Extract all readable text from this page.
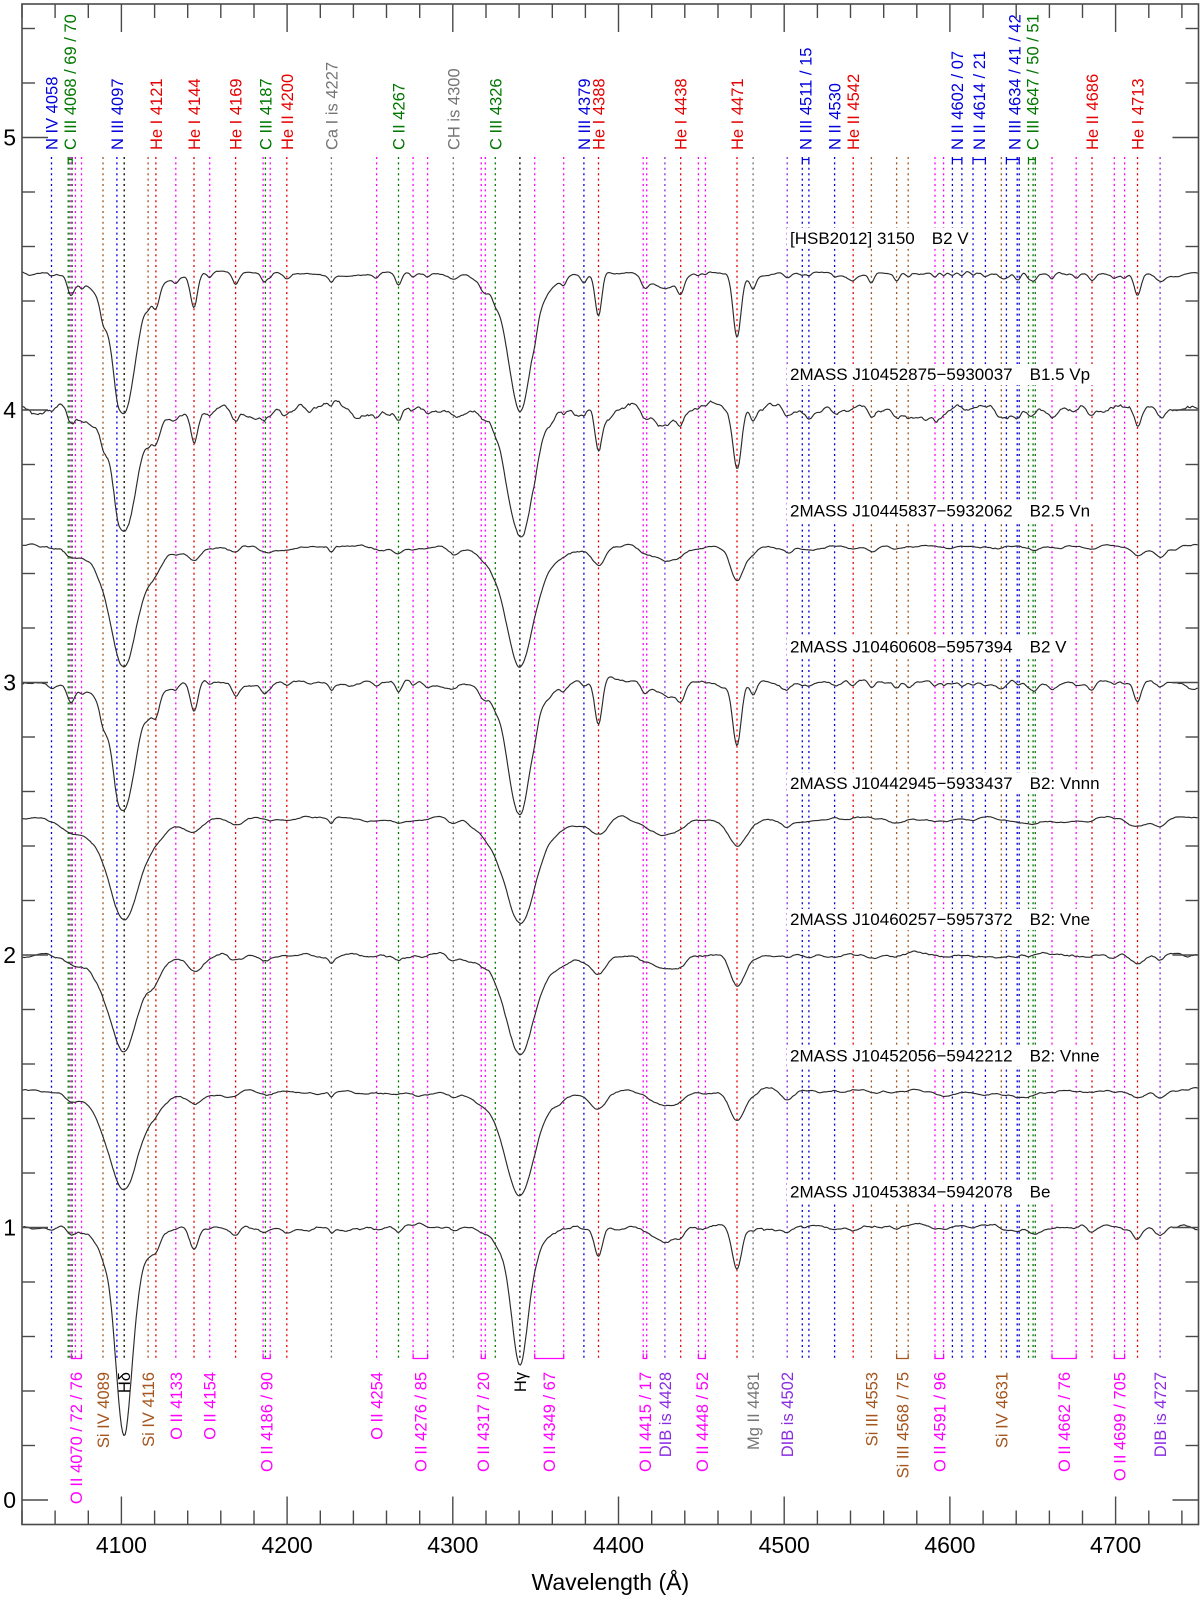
[HSB2012] 3150  B2 V
2MASS J10452875−5930037  B1.5 Vp
2MASS J10445837−5932062  B2.5 Vn
2MASS J10460608−5957394  B2 V
2MASS J10442945−5933437  B2: Vnnn
2MASS J10460257−5957372  B2: Vne
2MASS J10452056−5942212  B2: Vnne
2MASS J10453834−5942078  Be
N IV 4058 C III 4068 / 69 / 70 N III 4097 He I 4121 He I 4144 He I 4169 C III 4187 He II 4200 Ca I is 4227	C II 4267 CH is 4300 C III 4326	N III 4379
He I 4388	He I 4438 He I 4471	N III 4511 / 15 N II 4530 He II 4542	N II 4602 / 07 N II 4614 / 21 N III 4634 / 41 / 42 C III 4647 / 50 / 51	He II 4686 He I 4713
O II 4070 / 72 / 76 Si IV 4089 Hδ Si IV 4116 O II 4133 O II 4154 O II 4186 / 90	O II 4254 O II 4276 / 85	O II 4317 / 20 Hγ O II 4349 / 67	O II 4415 / 17 DIB is 4428 O II 4448 / 52 Mg II 4481 DIB is 4502	Si III 4553 Si III 4568 / 75 O II 4591 / 96	Si IV 4631	O II 4662 / 76 O II 4699 / 705 DIB is 4727
4100	4200	4300	4400	4500	4600	4700
0
1
2
3
4
5
Wavelength (Å)
